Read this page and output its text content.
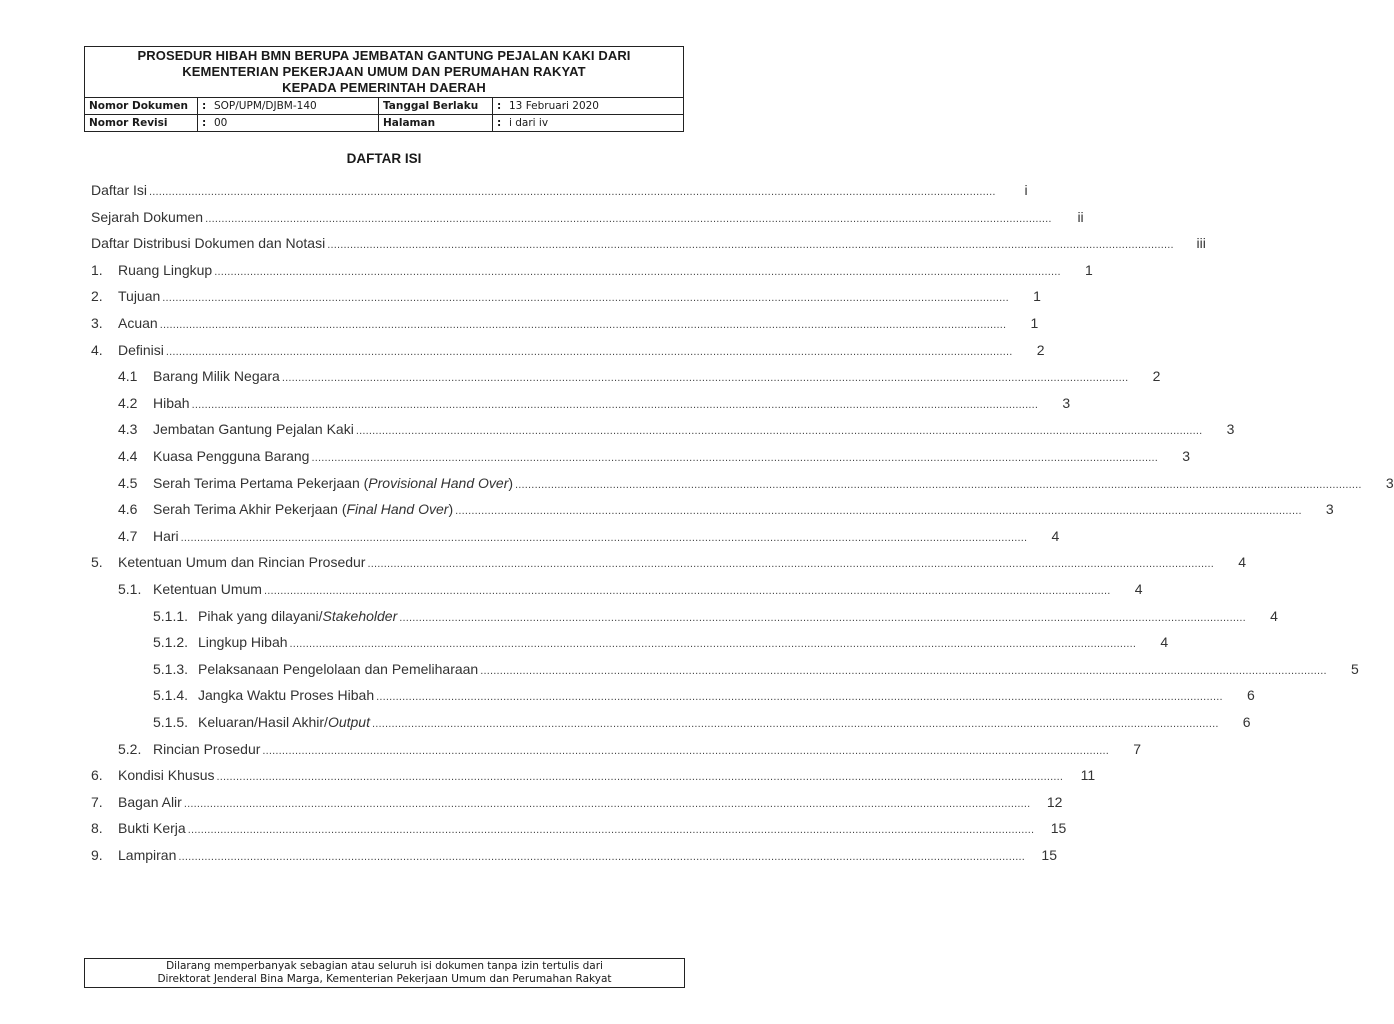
PROSEDUR HIBAH BMN BERUPA JEMBATAN GANTUNG PEJALAN KAKI DARI
KEMENTERIAN PEKERJAAN UMUM DAN PERUMAHAN RAKYAT
KEPADA PEMERINTAH DAERAH
Nomor Dokumen	: SOP/UPM/DJBM-140	Tanggal Berlaku	: 13 Februari 2020
Nomor Revisi	: 00	Halaman	: i dari iv
DAFTAR ISI
Daftar Isi ....................................................................................................................................................................................................................................................................	i
Sejarah Dokumen ....................................................................................................................................................................................................................................................................	ii
Daftar Distribusi Dokumen dan Notasi ....................................................................................................................................................................................................................................................................	iii
1.	Ruang Lingkup ....................................................................................................................................................................................................................................................................	1
2.	Tujuan ....................................................................................................................................................................................................................................................................	1
3.	Acuan ....................................................................................................................................................................................................................................................................	1
4.	Definisi ....................................................................................................................................................................................................................................................................	2
4.1	Barang Milik Negara ....................................................................................................................................................................................................................................................................	2
4.2	Hibah ....................................................................................................................................................................................................................................................................	3
4.3	Jembatan Gantung Pejalan Kaki ....................................................................................................................................................................................................................................................................	3
4.4	Kuasa Pengguna Barang ....................................................................................................................................................................................................................................................................	3
4.5	Serah Terima Pertama Pekerjaan (Provisional Hand Over) ....................................................................................................................................................................................................................................................................	3
4.6	Serah Terima Akhir Pekerjaan (Final Hand Over) ....................................................................................................................................................................................................................................................................	3
4.7	Hari ....................................................................................................................................................................................................................................................................	4
5.	Ketentuan Umum dan Rincian Prosedur ....................................................................................................................................................................................................................................................................	4
5.1. Ketentuan Umum ....................................................................................................................................................................................................................................................................	4
5.1.1. Pihak yang dilayani/Stakeholder ....................................................................................................................................................................................................................................................................	4
5.1.2. Lingkup Hibah ....................................................................................................................................................................................................................................................................	4
5.1.3. Pelaksanaan Pengelolaan dan Pemeliharaan ....................................................................................................................................................................................................................................................................	5
5.1.4. Jangka Waktu Proses Hibah ....................................................................................................................................................................................................................................................................	6
5.1.5. Keluaran/Hasil Akhir/Output ....................................................................................................................................................................................................................................................................	6
5.2. Rincian Prosedur ....................................................................................................................................................................................................................................................................	7
6.	Kondisi Khusus ....................................................................................................................................................................................................................................................................	11
7.	Bagan Alir ....................................................................................................................................................................................................................................................................	12
8.	Bukti Kerja ....................................................................................................................................................................................................................................................................	15
9.	Lampiran ....................................................................................................................................................................................................................................................................	15
Dilarang memperbanyak sebagian atau seluruh isi dokumen tanpa izin tertulis dari
Direktorat Jenderal Bina Marga, Kementerian Pekerjaan Umum dan Perumahan Rakyat
